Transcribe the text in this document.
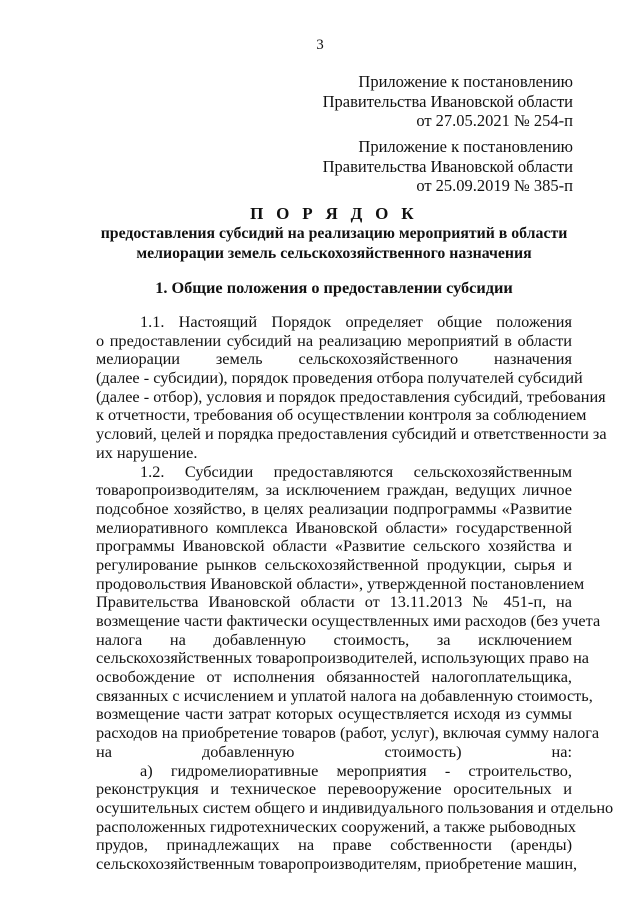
3
Приложение к постановлению
Правительства Ивановской области
от 27.05.2021 № 254-п
Приложение к постановлению
Правительства Ивановской области
от 25.09.2019 № 385-п
П О Р Я Д О К
предоставления субсидий на реализацию мероприятий в области
мелиорации земель сельскохозяйственного назначения
1. Общие положения о предоставлении субсидии
1.1. Настоящий Порядок определяет общие положения
о предоставлении субсидий на реализацию мероприятий в области
мелиорации земель сельскохозяйственного назначения
(далее - субсидии), порядок проведения отбора получателей субсидий
(далее - отбор), условия и порядок предоставления субсидий, требования
к отчетности, требования об осуществлении контроля за соблюдением
условий, целей и порядка предоставления субсидий и ответственности за
их нарушение.
1.2. Субсидии предоставляются сельскохозяйственным
товаропроизводителям, за исключением граждан, ведущих личное
подсобное хозяйство, в целях реализации подпрограммы «Развитие
мелиоративного комплекса Ивановской области» государственной
программы Ивановской области «Развитие сельского хозяйства и
регулирование рынков сельскохозяйственной продукции, сырья и
продовольствия Ивановской области», утвержденной постановлением
Правительства Ивановской области от 13.11.2013 № 451-п, на
возмещение части фактически осуществленных ими расходов (без учета
налога на добавленную стоимость, за исключением
сельскохозяйственных товаропроизводителей, использующих право на
освобождение от исполнения обязанностей налогоплательщика,
связанных с исчислением и уплатой налога на добавленную стоимость,
возмещение части затрат которых осуществляется исходя из суммы
расходов на приобретение товаров (работ, услуг), включая сумму налога
на добавленную стоимость) на:
а) гидромелиоративные мероприятия - строительство,
реконструкция и техническое перевооружение оросительных и
осушительных систем общего и индивидуального пользования и отдельно
расположенных гидротехнических сооружений, а также рыбоводных
прудов, принадлежащих на праве собственности (аренды)
сельскохозяйственным товаропроизводителям, приобретение машин,
